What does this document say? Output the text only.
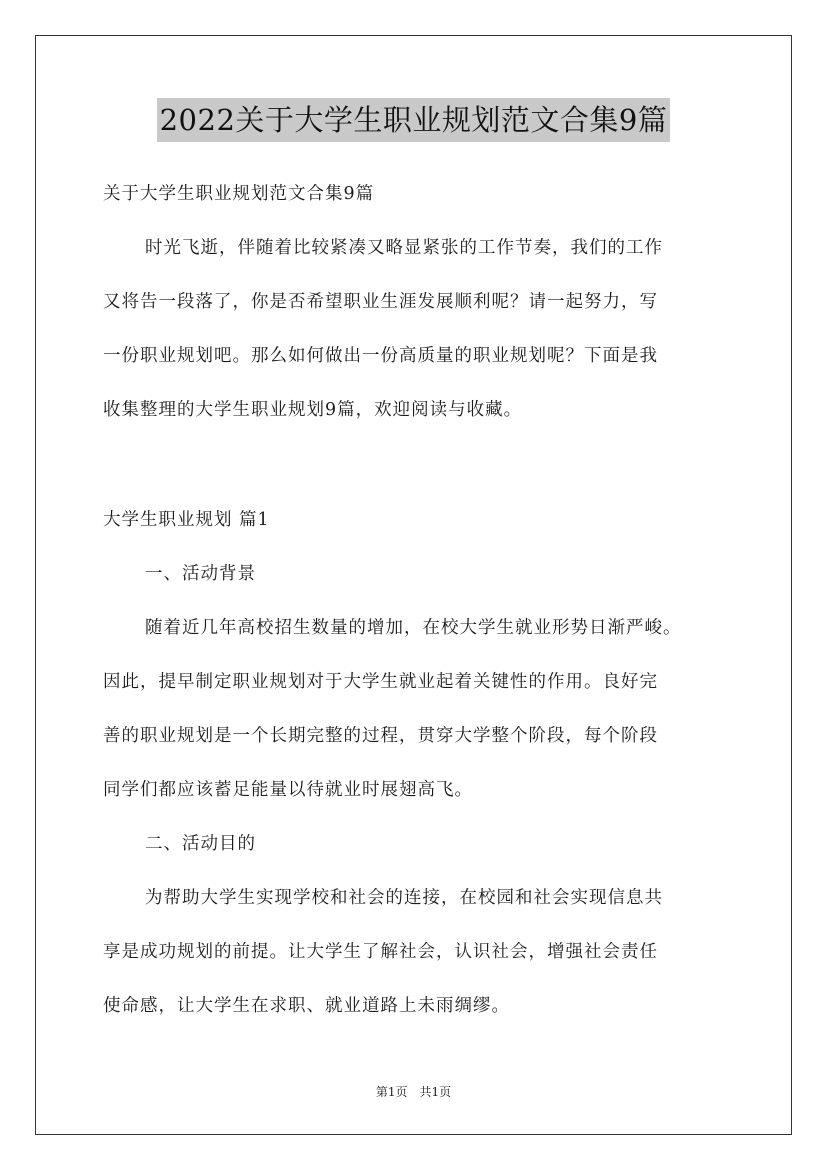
2022关于大学生职业规划范文合集9篇
关于大学生职业规划范文合集9篇
时光飞逝，伴随着比较紧凑又略显紧张的工作节奏，我们的工作
又将告一段落了，你是否希望职业生涯发展顺利呢？请一起努力，写
一份职业规划吧。那么如何做出一份高质量的职业规划呢？下面是我
收集整理的大学生职业规划9篇，欢迎阅读与收藏。
大学生职业规划 篇1
一、活动背景
随着近几年高校招生数量的增加，在校大学生就业形势日渐严峻。
因此，提早制定职业规划对于大学生就业起着关键性的作用。良好完
善的职业规划是一个长期完整的过程，贯穿大学整个阶段，每个阶段
同学们都应该蓄足能量以待就业时展翅高飞。
二、活动目的
为帮助大学生实现学校和社会的连接，在校园和社会实现信息共
享是成功规划的前提。让大学生了解社会，认识社会，增强社会责任
使命感，让大学生在求职、就业道路上未雨绸缪。
第1页　共1页
